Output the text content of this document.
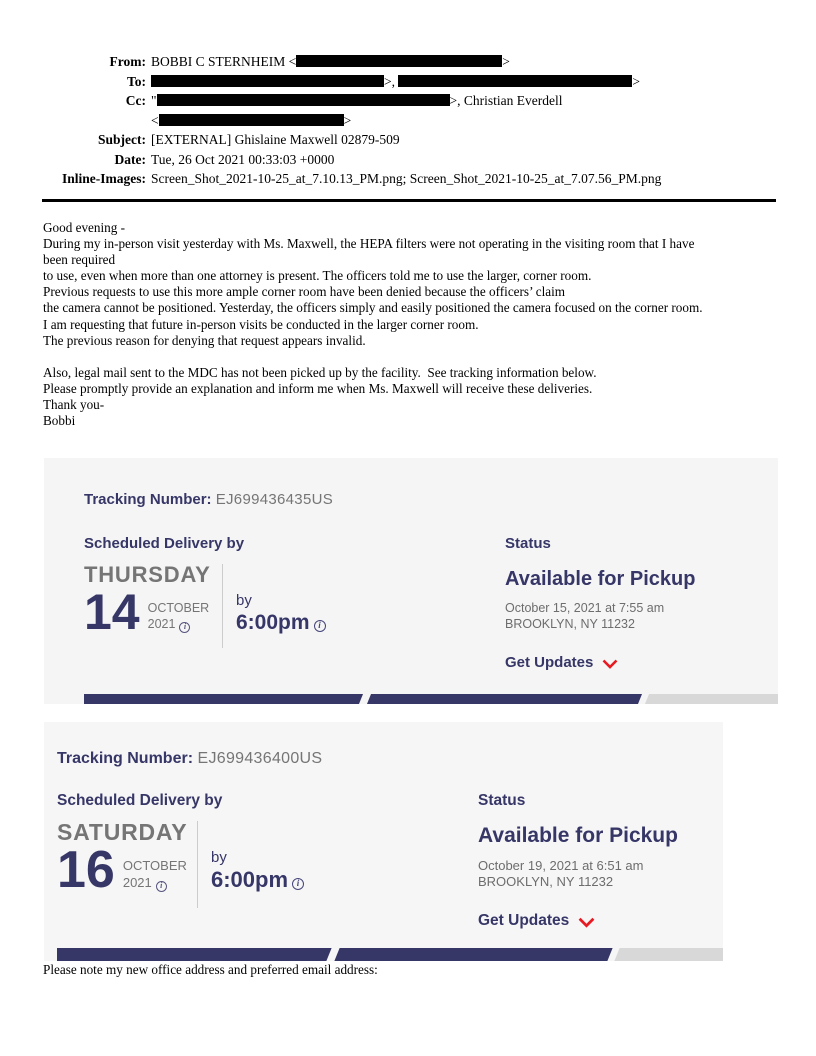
From: BOBBI C STERNHEIM <	>
To:	>,	>
Cc: "	>, Christian Everdell
<	>
Subject: [EXTERNAL] Ghislaine Maxwell 02879-509
Date: Tue, 26 Oct 2021 00:33:03 +0000
Inline-Images: Screen_Shot_2021-10-25_at_7.10.13_PM.png; Screen_Shot_2021-10-25_at_7.07.56_PM.png
Good evening -
During my in-person visit yesterday with Ms. Maxwell, the HEPA filters were not operating in the visiting room that I have
been required
to use, even when more than one attorney is present. The officers told me to use the larger, corner room.
Previous requests to use this more ample corner room have been denied because the officers’ claim
the camera cannot be positioned. Yesterday, the officers simply and easily positioned the camera focused on the corner room.
I am requesting that future in-person visits be conducted in the larger corner room.
The previous reason for denying that request appears invalid.
Also, legal mail sent to the MDC has not been picked up by the facility.  See tracking information below.
Please promptly provide an explanation and inform me when Ms. Maxwell will receive these deliveries.
Thank you-
Bobbi
Tracking Number: EJ699436435US
Scheduled Delivery by
THURSDAY
14 OCTOBER
2021 i
by
6:00pm i
Status
Available for Pickup
October 15, 2021 at 7:55 am
BROOKLYN, NY 11232
Get Updates
Tracking Number: EJ699436400US
Scheduled Delivery by
SATURDAY
16 OCTOBER
2021 i
by
6:00pm i
Status
Available for Pickup
October 19, 2021 at 6:51 am
BROOKLYN, NY 11232
Get Updates
Please note my new office address and preferred email address:
